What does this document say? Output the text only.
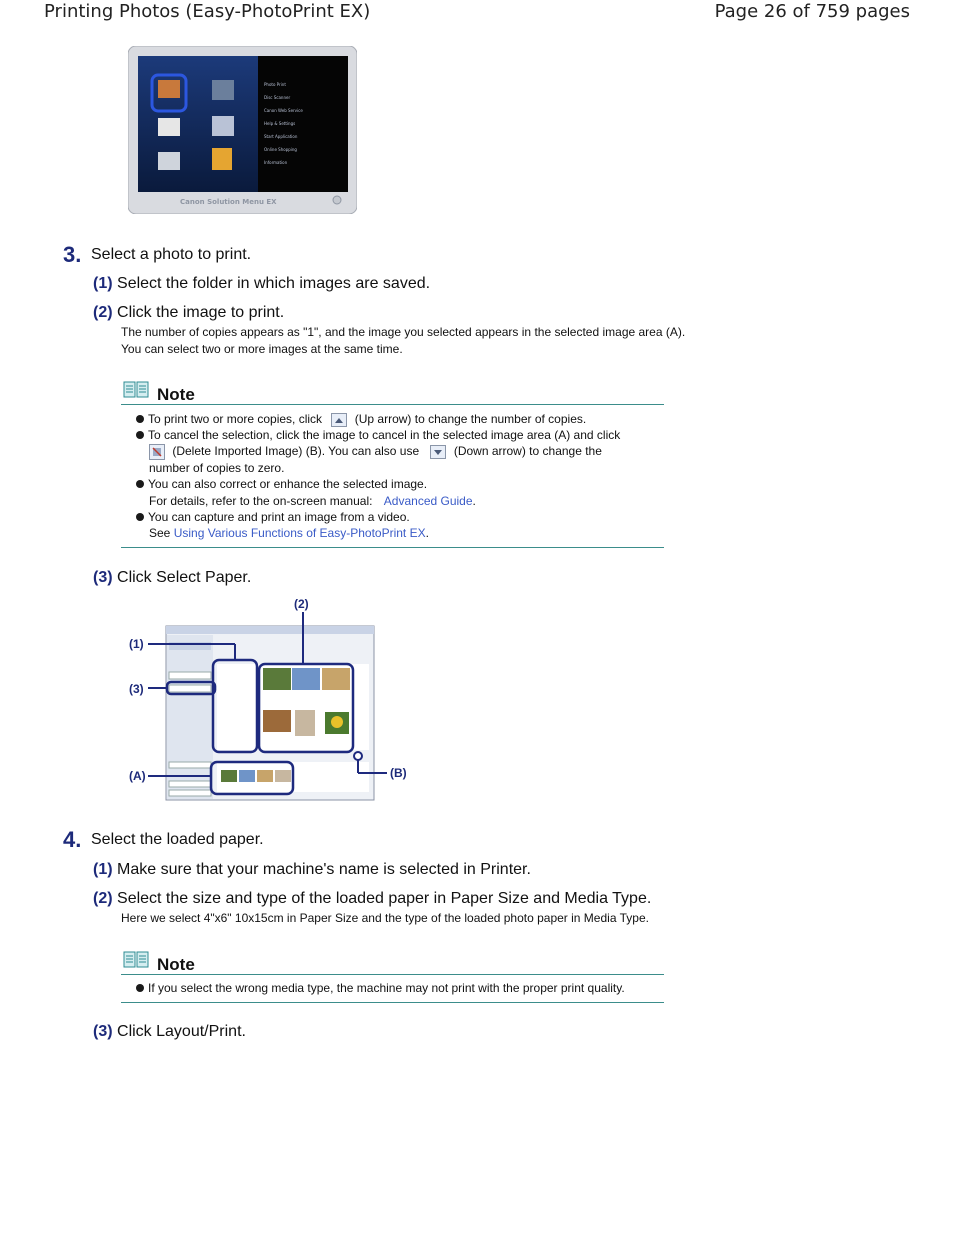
Printing Photos (Easy-PhotoPrint EX)	Page 26 of 759 pages
Photo Print
Disc Scanner
Canon Web Service
Help & Settings
Start Application
Online Shopping
Information
Canon Solution Menu EX
3. Select a photo to print.
(1) Select the folder in which images are saved.
(2) Click the image to print.
The number of copies appears as "1", and the image you selected appears in the selected image area (A).
You can select two or more images at the same time.
Note
To print two or more copies, click	(Up arrow) to change the number of copies.
To cancel the selection, click the image to cancel in the selected image area (A) and click
(Delete Imported Image) (B). You can also use	(Down arrow) to change the
number of copies to zero.
You can also correct or enhance the selected image.
For details, refer to the on-screen manual: Advanced Guide.
You can capture and print an image from a video.
See Using Various Functions of Easy-PhotoPrint EX.
(3) Click Select Paper.
(1)
(2)
(3)
(A)	(B)
4. Select the loaded paper.
(1) Make sure that your machine's name is selected in Printer.
(2) Select the size and type of the loaded paper in Paper Size and Media Type.
Here we select 4"x6" 10x15cm in Paper Size and the type of the loaded photo paper in Media Type.
Note
If you select the wrong media type, the machine may not print with the proper print quality.
(3) Click Layout/Print.
